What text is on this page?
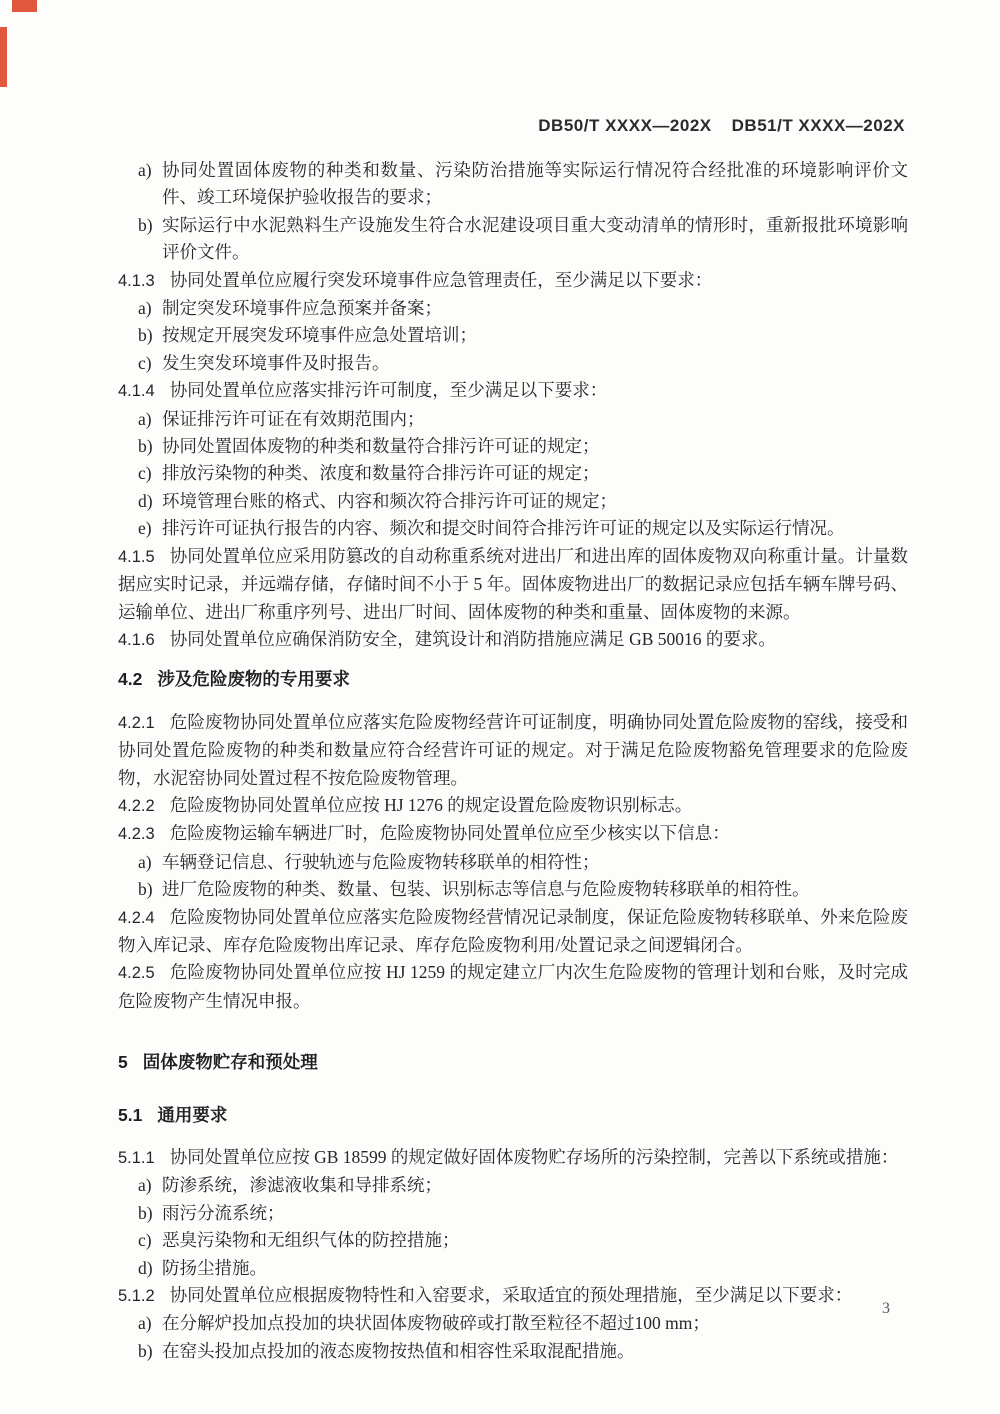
DB50/T XXXX—202X DB51/T XXXX—202X
a) 协同处置固体废物的种类和数量、污染防治措施等实际运行情况符合经批准的环境影响评价文件、竣工环境保护验收报告的要求；
b) 实际运行中水泥熟料生产设施发生符合水泥建设项目重大变动清单的情形时，重新报批环境影响评价文件。
4.1.3 协同处置单位应履行突发环境事件应急管理责任，至少满足以下要求：
a) 制定突发环境事件应急预案并备案；
b) 按规定开展突发环境事件应急处置培训；
c) 发生突发环境事件及时报告。
4.1.4 协同处置单位应落实排污许可制度，至少满足以下要求：
a) 保证排污许可证在有效期范围内；
b) 协同处置固体废物的种类和数量符合排污许可证的规定；
c) 排放污染物的种类、浓度和数量符合排污许可证的规定；
d) 环境管理台账的格式、内容和频次符合排污许可证的规定；
e) 排污许可证执行报告的内容、频次和提交时间符合排污许可证的规定以及实际运行情况。
4.1.5 协同处置单位应采用防篡改的自动称重系统对进出厂和进出库的固体废物双向称重计量。计量数据应实时记录，并远端存储，存储时间不小于 5 年。固体废物进出厂的数据记录应包括车辆车牌号码、运输单位、进出厂称重序列号、进出厂时间、固体废物的种类和重量、固体废物的来源。
4.1.6 协同处置单位应确保消防安全，建筑设计和消防措施应满足 GB 50016 的要求。
4.2 涉及危险废物的专用要求
4.2.1 危险废物协同处置单位应落实危险废物经营许可证制度，明确协同处置危险废物的窑线，接受和协同处置危险废物的种类和数量应符合经营许可证的规定。对于满足危险废物豁免管理要求的危险废物，水泥窑协同处置过程不按危险废物管理。
4.2.2 危险废物协同处置单位应按 HJ 1276 的规定设置危险废物识别标志。
4.2.3 危险废物运输车辆进厂时，危险废物协同处置单位应至少核实以下信息：
a) 车辆登记信息、行驶轨迹与危险废物转移联单的相符性；
b) 进厂危险废物的种类、数量、包装、识别标志等信息与危险废物转移联单的相符性。
4.2.4 危险废物协同处置单位应落实危险废物经营情况记录制度，保证危险废物转移联单、外来危险废物入库记录、库存危险废物出库记录、库存危险废物利用/处置记录之间逻辑闭合。
4.2.5 危险废物协同处置单位应按 HJ 1259 的规定建立厂内次生危险废物的管理计划和台账，及时完成危险废物产生情况申报。
5 固体废物贮存和预处理
5.1 通用要求
5.1.1 协同处置单位应按 GB 18599 的规定做好固体废物贮存场所的污染控制，完善以下系统或措施：
a) 防渗系统，渗滤液收集和导排系统；
b) 雨污分流系统；
c) 恶臭污染物和无组织气体的防控措施；
d) 防扬尘措施。
5.1.2 协同处置单位应根据废物特性和入窑要求，采取适宜的预处理措施，至少满足以下要求：
a) 在分解炉投加点投加的块状固体废物破碎或打散至粒径不超过100 mm；
b) 在窑头投加点投加的液态废物按热值和相容性采取混配措施。
3
